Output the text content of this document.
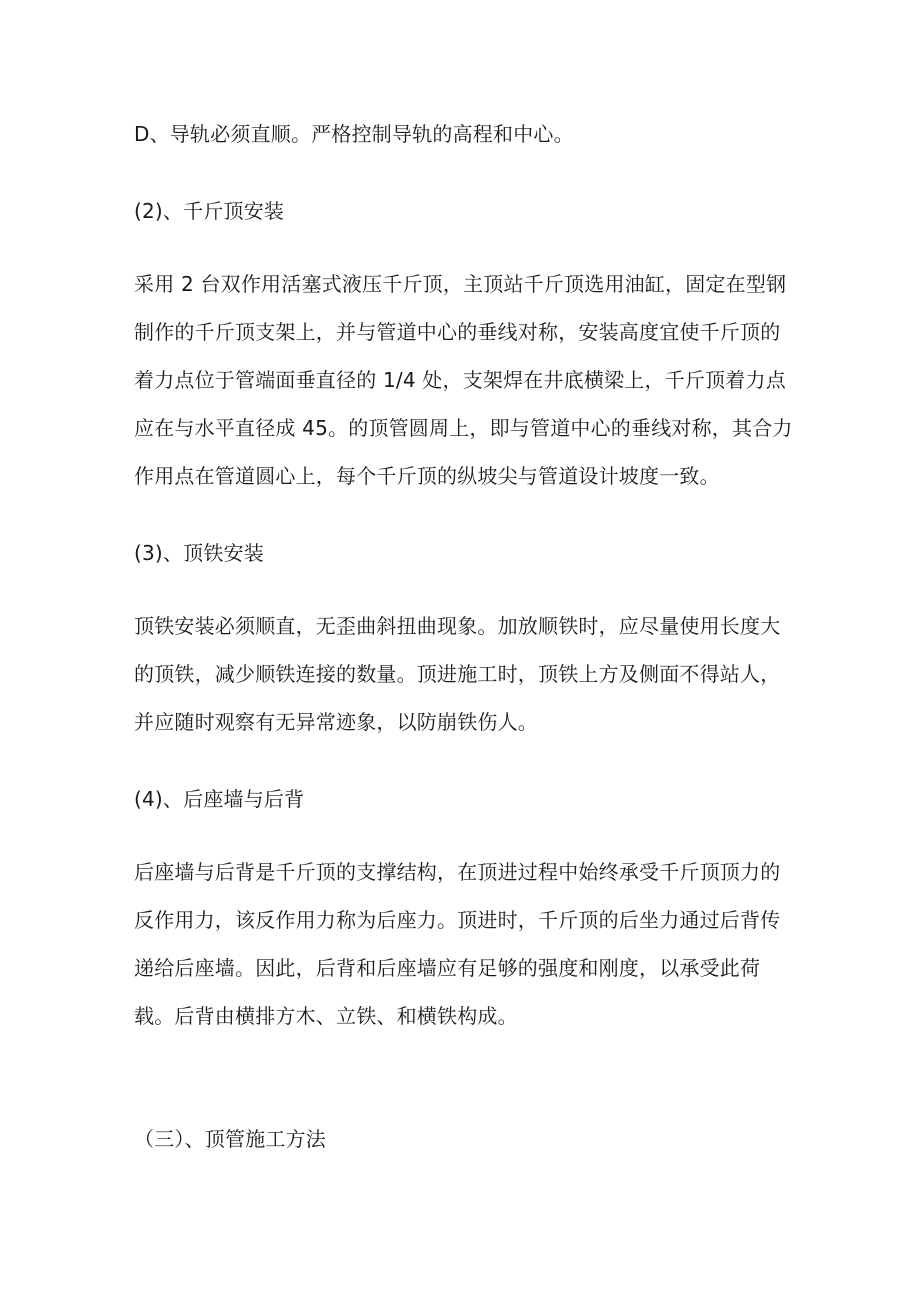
D、导轨必须直顺。严格控制导轨的高程和中心。
(2)、千斤顶安装
采用 2 台双作用活塞式液压千斤顶，主顶站千斤顶选用油缸，固定在型钢
制作的千斤顶支架上，并与管道中心的垂线对称，安装高度宜使千斤顶的
着力点位于管端面垂直径的 1/4 处，支架焊在井底横梁上，千斤顶着力点
应在与水平直径成 45。的顶管圆周上，即与管道中心的垂线对称，其合力
作用点在管道圆心上，每个千斤顶的纵坡尖与管道设计坡度一致。
(3)、顶铁安装
顶铁安装必须顺直，无歪曲斜扭曲现象。加放顺铁时，应尽量使用长度大
的顶铁，减少顺铁连接的数量。顶进施工时，顶铁上方及侧面不得站人，
并应随时观察有无异常迹象，以防崩铁伤人。
(4)、后座墙与后背
后座墙与后背是千斤顶的支撑结构，在顶进过程中始终承受千斤顶顶力的
反作用力，该反作用力称为后座力。顶进时，千斤顶的后坐力通过后背传
递给后座墙。因此，后背和后座墙应有足够的强度和刚度，以承受此荷
载。后背由横排方木、立铁、和横铁构成。
（三）、顶管施工方法
